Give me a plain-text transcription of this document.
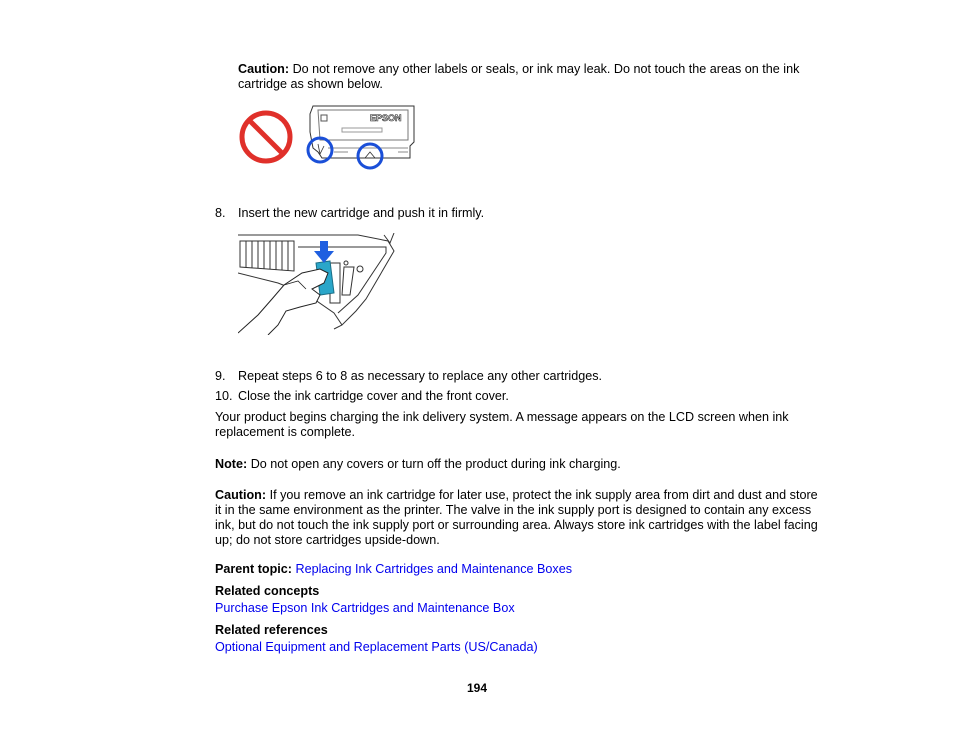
Caution: Do not remove any other labels or seals, or ink may leak. Do not touch the areas on the ink cartridge as shown below.

EPSON

8. Insert the new cartridge and push it in firmly.

9. Repeat steps 6 to 8 as necessary to replace any other cartridges.

10. Close the ink cartridge cover and the front cover.

Your product begins charging the ink delivery system. A message appears on the LCD screen when ink replacement is complete.

Note: Do not open any covers or turn off the product during ink charging.

Caution: If you remove an ink cartridge for later use, protect the ink supply area from dirt and dust and store it in the same environment as the printer. The valve in the ink supply port is designed to contain any excess ink, but do not touch the ink supply port or surrounding area. Always store ink cartridges with the label facing up; do not store cartridges upside-down.

Parent topic: Replacing Ink Cartridges and Maintenance Boxes

Related concepts

Purchase Epson Ink Cartridges and Maintenance Box

Related references

Optional Equipment and Replacement Parts (US/Canada)

194
